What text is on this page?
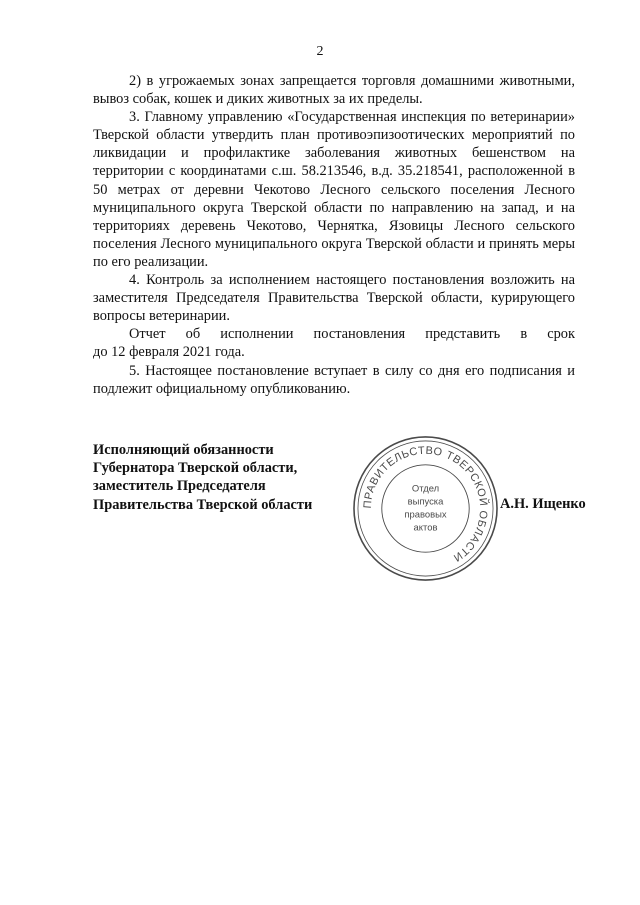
2

2) в угрожаемых зонах запрещается торговля домашними животными, вывоз собак, кошек и диких животных за их пределы.

3. Главному управлению «Государственная инспекция по ветеринарии» Тверской области утвердить план противоэпизоотических мероприятий по ликвидации и профилактике заболевания животных бешенством на территории с координатами с.ш. 58.213546, в.д. 35.218541, расположенной в 50 метрах от деревни Чекотово Лесного сельского поселения Лесного муниципального округа Тверской области по направлению на запад, и на территориях деревень Чекотово, Чернятка, Язовицы Лесного сельского поселения Лесного муниципального округа Тверской области и принять меры по его реализации.

4. Контроль за исполнением настоящего постановления возложить на заместителя Председателя Правительства Тверской области, курирующего вопросы ветеринарии.

Отчет об исполнении постановления представить в срок

до 12 февраля 2021 года.

5. Настоящее постановление вступает в силу со дня его подписания и подлежит официальному опубликованию.

Исполняющий обязанности
Губернатора Тверской области,
заместитель Председателя
Правительства Тверской области	А.Н. Ищенко
ПРАВИТЕЛЬСТВО ТВЕРСКОЙ ОБЛАСТИ
Отдел
выпуска
правовых
актов
